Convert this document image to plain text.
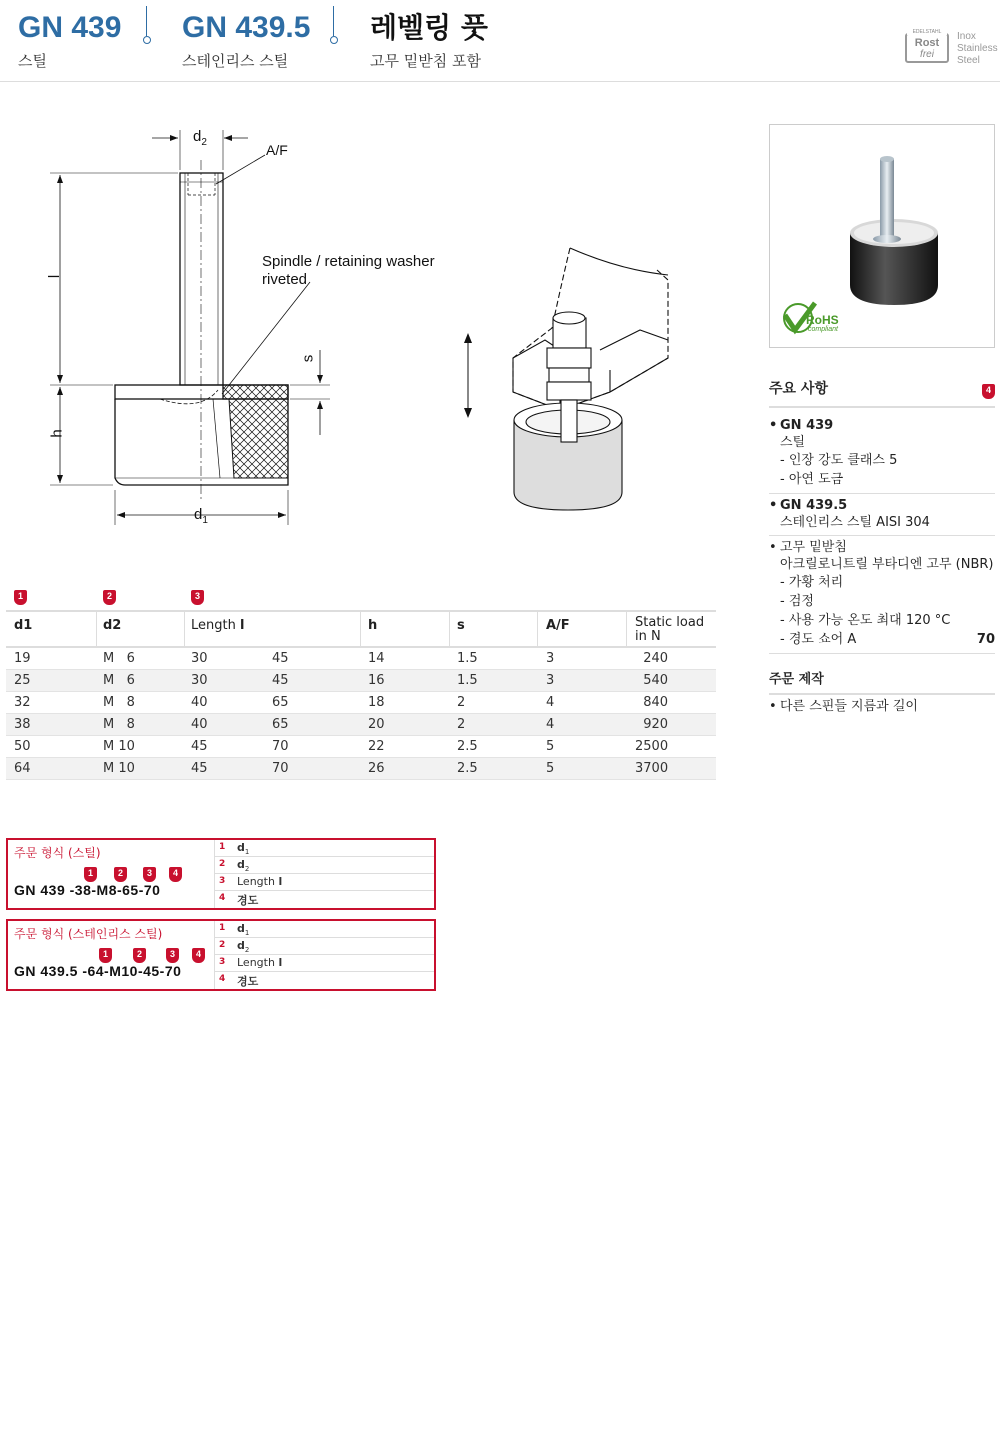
GN 439
스틸
GN 439.5
스테인리스 스틸
레벨링 풋
고무 밑받침 포함
EDELSTAHL
Rost
frei
Inox
Stainless
Steel
$d_2$	A/F
Spindle / retaining washer
riveted
l
s
h
$d_1$
RoHS
compliant
주요 사항	4
• GN 439
스틸
- 인장 강도 클래스 5
- 아연 도금
• GN 439.5
스테인리스 스틸 AISI 304
• 고무 밑받침
아크릴로니트릴 부타디엔 고무 (NBR)
- 가황 처리
- 검정
- 사용 가능 온도 최대 120 °C
- 경도 쇼어 A	70
주문 제작
• 다른 스핀들 지름과 길이
1	2	3
d1	d2	Length l	h	s	A/F	Static load
in N
19	M   6	30	45	14	1.5	3	240
25	M   6	30	45	16	1.5	3	540
32	M   8	40	65	18	2	4	840
38	M   8	40	65	20	2	4	920
50	M 10	45	70	22	2.5	5	2500
64	M 10	45	70	26	2.5	5	3700
주문 형식 (스틸)
1	2	3	4
GN 439 -38-M8-65-70
1 $d_1$
2 $d_2$
3 Length l
4 경도
주문 형식 (스테인리스 스틸)
1	2	3	4
GN 439.5 -64-M10-45-70
1 $d_1$
2 $d_2$
3 Length l
4 경도
